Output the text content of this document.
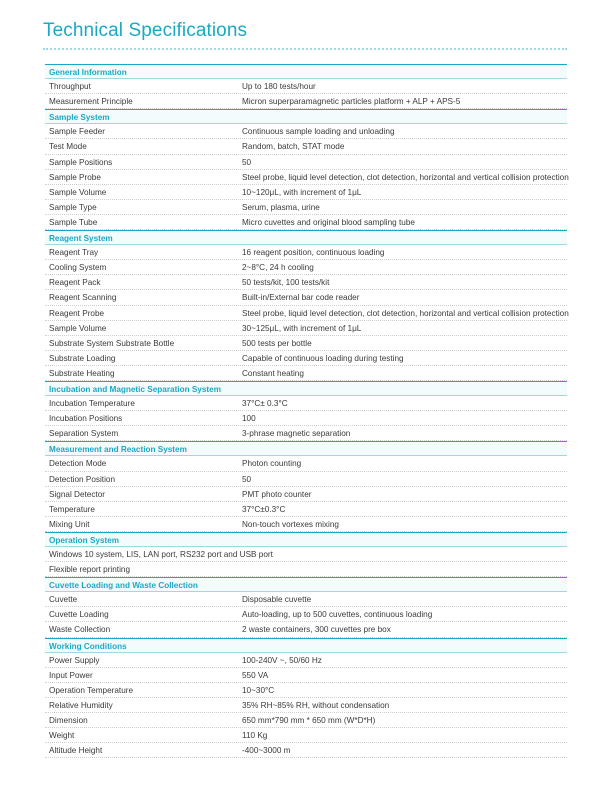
Technical Specifications
General Information
Throughput	Up to 180 tests/hour
Measurement Principle	Micron superparamagnetic particles platform + ALP + APS-5
Sample System
Sample Feeder	Continuous sample loading and unloading
Test Mode	Random, batch, STAT mode
Sample Positions	50
Sample Probe	Steel probe, liquid level detection, clot detection, horizontal and vertical collision protection
Sample Volume	10~120μL, with increment of 1μL
Sample Type	Serum, plasma, urine
Sample Tube	Micro cuvettes and original blood sampling tube
Reagent System
Reagent Tray	16 reagent position, continuous loading
Cooling System	2~8°C, 24 h cooling
Reagent Pack	50 tests/kit, 100 tests/kit
Reagent Scanning	Built-in/External bar code reader
Reagent Probe	Steel probe, liquid level detection, clot detection, horizontal and vertical collision protection
Sample Volume	30~125μL, with increment of 1μL
Substrate System Substrate Bottle	500 tests per bottle
Substrate Loading	Capable of continuous loading during testing
Substrate Heating	Constant heating
Incubation and Magnetic Separation System
Incubation Temperature	37°C± 0.3°C
Incubation Positions	100
Separation System	3-phrase magnetic separation
Measurement and Reaction System
Detection Mode	Photon counting
Detection Position	50
Signal Detector	PMT photo counter
Temperature	37°C±0.3°C
Mixing Unit	Non-touch vortexes mixing
Operation System
Windows 10 system, LIS, LAN port, RS232 port and USB port
Flexible report printing
Cuvette Loading and Waste Collection
Cuvette	Disposable cuvette
Cuvette Loading	Auto-loading, up to 500 cuvettes, continuous loading
Waste Collection	2 waste containers, 300 cuvettes pre box
Working Conditions
Power Supply	100-240V ~, 50/60 Hz
Input Power	550 VA
Operation Temperature	10~30°C
Relative Humidity	35% RH~85% RH, without condensation
Dimension	650 mm*790 mm * 650 mm (W*D*H)
Weight	110 Kg
Altitude Height	-400~3000 m
